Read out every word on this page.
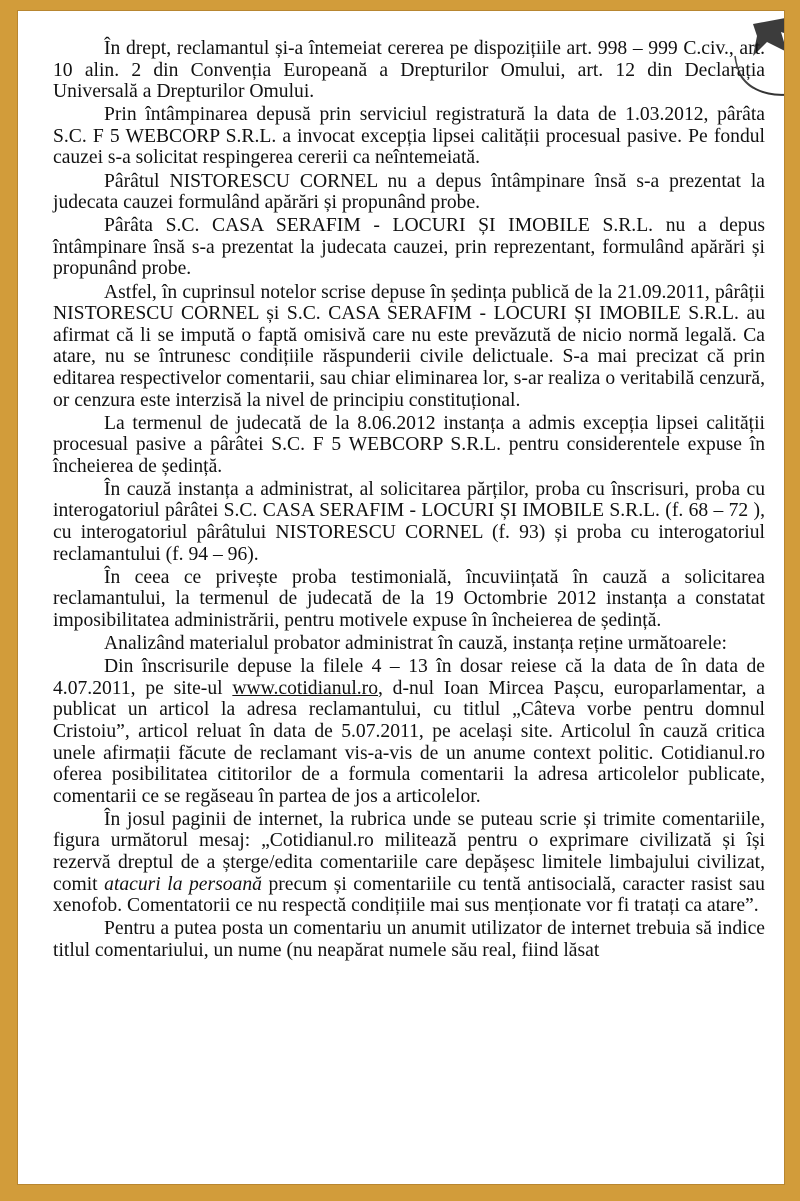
În drept, reclamantul și-a întemeiat cererea pe dispozițiile art. 998 – 999 C.civ., art. 10 alin. 2 din Convenția Europeană a Drepturilor Omului, art. 12 din Declarația Universală a Drepturilor Omului.

Prin întâmpinarea depusă prin serviciul registratură la data de 1.03.2012, pârâta S.C. F 5 WEBCORP S.R.L. a invocat excepția lipsei calității procesual pasive. Pe fondul cauzei s-a solicitat respingerea cererii ca neîntemeiată.

Pârâtul NISTORESCU CORNEL nu a depus întâmpinare însă s-a prezentat la judecata cauzei formulând apărări și propunând probe.

Pârâta S.C. CASA SERAFIM - LOCURI ȘI IMOBILE S.R.L. nu a depus întâmpinare însă s-a prezentat la judecata cauzei, prin reprezentant, formulând apărări și propunând probe.

Astfel, în cuprinsul notelor scrise depuse în ședința publică de la 21.09.2011, pârâții NISTORESCU CORNEL și S.C. CASA SERAFIM - LOCURI ȘI IMOBILE S.R.L. au afirmat că li se impută o faptă omisivă care nu este prevăzută de nicio normă legală. Ca atare, nu se întrunesc condițiile răspunderii civile delictuale. S-a mai precizat că prin editarea respectivelor comentarii, sau chiar eliminarea lor, s-ar realiza o veritabilă cenzură, or cenzura este interzisă la nivel de principiu constituțional.

La termenul de judecată de la 8.06.2012 instanța a admis excepția lipsei calității procesual pasive a pârâtei S.C. F 5 WEBCORP S.R.L. pentru considerentele expuse în încheierea de ședință.

În cauză instanța a administrat, al solicitarea părților, proba cu înscrisuri, proba cu interogatoriul pârâtei S.C. CASA SERAFIM - LOCURI ȘI IMOBILE S.R.L. (f. 68 – 72 ), cu interogatoriul pârâtului NISTORESCU CORNEL (f. 93) și proba cu interogatoriul reclamantului (f. 94 – 96).

În ceea ce privește proba testimonială, încuviințată în cauză a solicitarea reclamantului, la termenul de judecată de la 19 Octombrie 2012 instanța a constatat imposibilitatea administrării, pentru motivele expuse în încheierea de ședință.

Analizând materialul probator administrat în cauză, instanța reține următoarele:

Din înscrisurile depuse la filele 4 – 13 în dosar reiese că la data de în data de 4.07.2011, pe site-ul www.cotidianul.ro, d-nul Ioan Mircea Pașcu, europarlamentar, a publicat un articol la adresa reclamantului, cu titlul „Câteva vorbe pentru domnul Cristoiu”, articol reluat în data de 5.07.2011, pe același site. Articolul în cauză critica unele afirmații făcute de reclamant vis-a-vis de un anume context politic. Cotidianul.ro oferea posibilitatea cititorilor de a formula comentarii la adresa articolelor publicate, comentarii ce se regăseau în partea de jos a articolelor.

În josul paginii de internet, la rubrica unde se puteau scrie și trimite comentariile, figura următorul mesaj: „Cotidianul.ro militează pentru o exprimare civilizată și își rezervă dreptul de a șterge/edita comentariile care depășesc limitele limbajului civilizat, comit atacuri la persoană precum și comentariile cu tentă antisocială, caracter rasist sau xenofob. Comentatorii ce nu respectă condițiile mai sus menționate vor fi tratați ca atare”.

Pentru a putea posta un comentariu un anumit utilizator de internet trebuia să indice titlul comentariului, un nume (nu neapărat numele său real, fiind lăsat
